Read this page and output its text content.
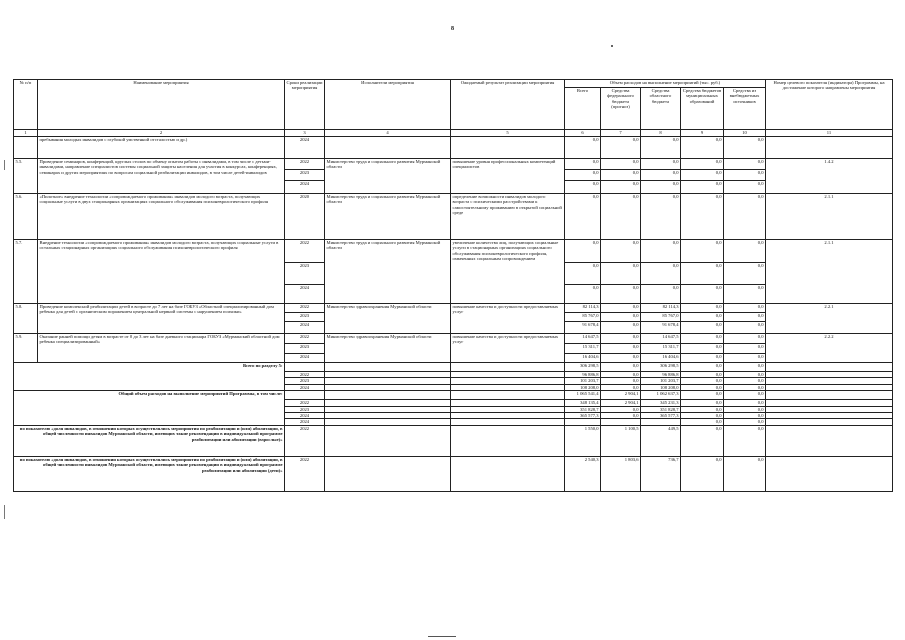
8
№ п/п	Наименование мероприятия	Сроки реализации мероприятия	Исполнители мероприятия	Ожидаемый результат реализации мероприятия	Объем расходов на выполнение мероприятий (тыс. руб.)					Номер целевого показателя (индикатора) Программы, на достижение которого направлены мероприятия
					Всего	Средства федерального бюджета (прогноз)	Средства областного бюджета	Средства бюджетов муниципальных образований	Средства из внебюджетных источников	
1	2	3	4	5	6	7	8	9	10	11
	пребывания молодых инвалидов с глубокой умственной отсталостью и др.)	2024			0,0	0,0	0,0	0,0	0,0	
5.5.	Проведение семинаров, конференций, круглых столов по обмену опытом работы с инвалидами, в том числе с детьми-инвалидами, направление специалистов системы социальной защиты населения для участия в конкурсах, конференциях, семинарах и других мероприятиях по вопросам социальной реабилитации инвалидов, в том числе детей-инвалидов	2022	Министерство труда и социального развития Мурманской области	повышение уровня профессиональных компетенций специалистов	0,0	0,0	0,0	0,0	0,0	1.4.2
		2023			0,0	0,0	0,0	0,0	0,0	
		2024			0,0	0,0	0,0	0,0	0,0	
5.6.	«Пилотное» внедрение технологии «сопровождаемого проживания» инвалидов молодого возраста, получающих социальные услуги в двух стационарных организациях социального обслуживания психоневрологического профиля	2020	Министерство труда и социального развития Мурманской области	определение возможности инвалидов молодого возраста с психическими расстройствами к самостоятельному проживанию в открытой социальной среде	0,0	0,0	0,0	0,0	0,0	2.1.1
5.7.	Внедрение технологии «сопровождаемого проживания» инвалидов молодого возраста, получающих социальные услуги в остальных стационарных организациях социального обслуживания психоневрологического профиля	2022	Министерство труда и социального развития Мурманской области	увеличение количества лиц, получающих социальные услуги в стационарных организациях социального обслуживания психоневрологического профиля, охваченных социальным сопровождением	0,0	0,0	0,0	0,0	0,0	2.1.1
		2023			0,0	0,0	0,0	0,0	0,0	
		2024			0,0	0,0	0,0	0,0	0,0	
5.8.	Проведение комплексной реабилитации детей в возрасте до 7 лет на базе ГОБУЗ «Областной специализированный дом ребенка для детей с органическим поражением центральной нервной системы с нарушением психики»	2022	Министерство здравоохранения Мурманской области	повышение качества и доступности предоставляемых услуг	82 114,3	0,0	82 114,3	0,0	0,0	2.2.1
		2023			85 767,0	0,0	85 767,0	0,0	0,0	
		2024			91 678,4	0,0	91 678,4	0,0	0,0	
5.9.	Оказание ранней помощи детям в возрасте от 0 до 3 лет на базе дневного стационара ГОБУЗ «Мурманский областной дом ребенка специализированный»	2022	Министерство здравоохранения Мурманской области	повышение качества и доступности предоставляемых услуг	14 647,5	0,0	14 647,5	0,0	0,0	2.2.2
		2023			15 311,7	0,0	15 311,7	0,0	0,0	
		2024			16 404,6	0,0	16 404,6	0,0	0,0	
Всего по разделу 5:					306 298,5	0,0	306 298,5	0,0	0,0	
		2022			96 886,8	0,0	96 886,8	0,0	0,0	
		2023			101 203,7	0,0	101 203,7	0,0	0,0	
		2024			108 208,0	0,0	108 208,0	0,0	0,0	
Общий объем расходов на выполнение мероприятий Программы, в том числе:					1 065 541,4	2 904,1	1 062 637,3	0,0	0,0	
		2022			348 135,4	2 904,1	345 231,3	0,0	0,0	
		2023			351 828,7	0,0	351 828,7	0,0	0,0	
		2024			365 577,3	0,0	365 577,3	0,0	0,0	
		2024						0,0	0,0	
по показателю «доля инвалидов, в отношении которых осуществлялись мероприятия по реабилитации и (или) абилитации, в общей численности инвалидов Мурманской области, имеющих такие рекомендации в индивидуальной программе реабилитации или абилитации (взрослые)»		2022			1 550,0	1 100,5	449,5	0,0	0,0	
по показателю «доля инвалидов, в отношении которых осуществлялись мероприятия по реабилитации и (или) абилитации, в общей численности инвалидов Мурманской области, имеющих такие рекомендации в индивидуальной программе реабилитации или абилитации (дети)»		2022			2 540,3	1 803,6	736,7	0,0	0,0	
